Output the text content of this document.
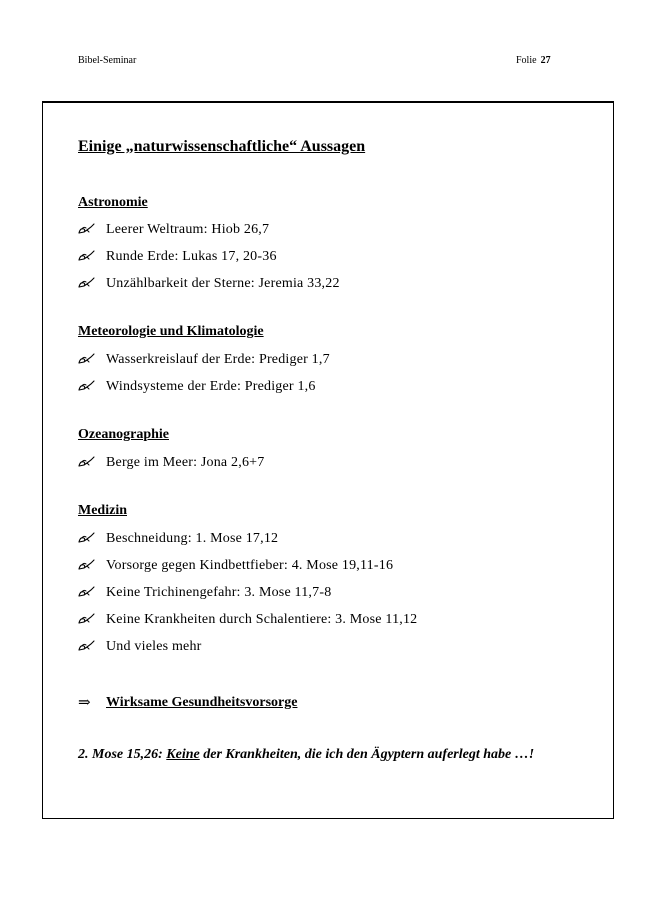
Bibel-Seminar	Folie 27
Einige „naturwissenschaftliche“ Aussagen
Astronomie
Leerer Weltraum: Hiob 26,7
Runde Erde: Lukas 17, 20-36
Unzählbarkeit der Sterne: Jeremia 33,22
Meteorologie und Klimatologie
Wasserkreislauf der Erde: Prediger 1,7
Windsysteme der Erde: Prediger 1,6
Ozeanographie
Berge im Meer: Jona 2,6+7
Medizin
Beschneidung: 1. Mose 17,12
Vorsorge gegen Kindbettfieber: 4. Mose 19,11-16
Keine Trichinengefahr: 3. Mose 11,7-8
Keine Krankheiten durch Schalentiere: 3. Mose 11,12
Und vieles mehr
⇒	Wirksame Gesundheitsvorsorge
2. Mose 15,26: Keine der Krankheiten, die ich den Ägyptern auferlegt habe …!
